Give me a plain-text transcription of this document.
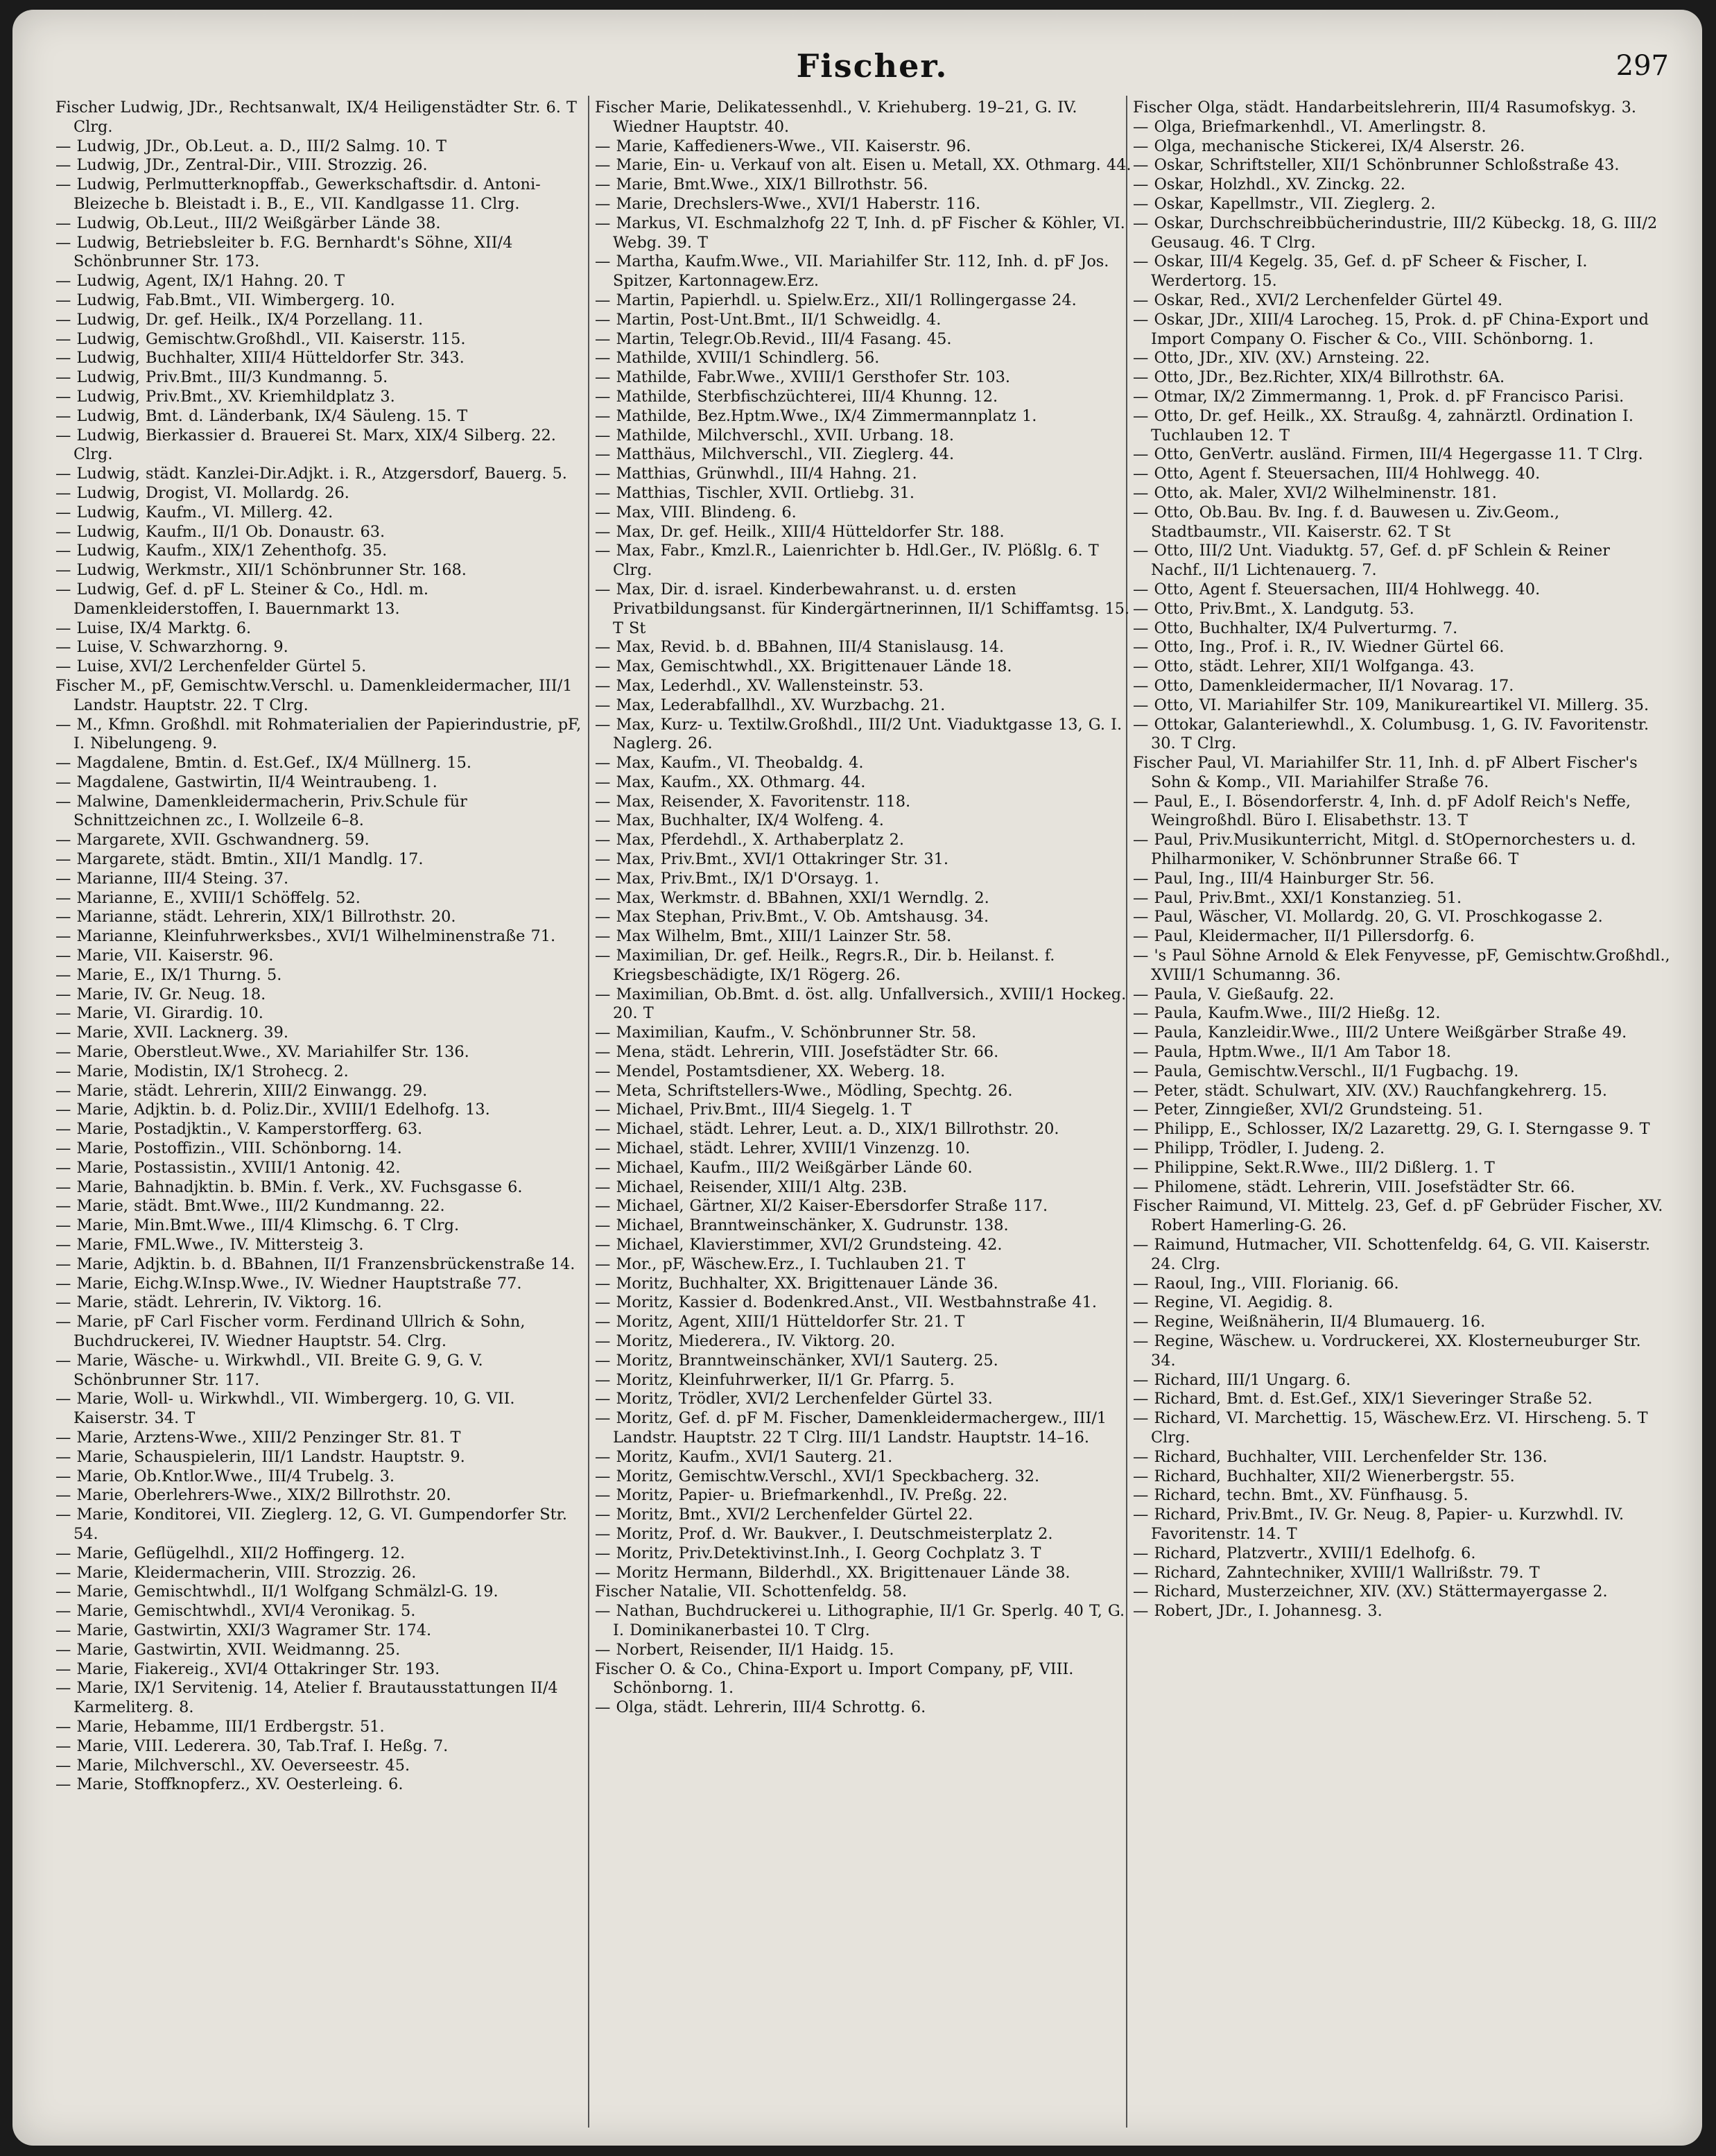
Fischer.	297
Fischer Ludwig, JDr., Rechtsanwalt, IX/4 Heiligenstädter Str. 6. T Clrg.
— Ludwig, JDr., Ob.Leut. a. D., III/2 Salmg. 10. T
— Ludwig, JDr., Zentral-Dir., VIII. Strozzig. 26.
— Ludwig, Perlmutterknopffab., Gewerkschaftsdir. d. Antoni-Bleizeche b. Bleistadt i. B., E., VII. Kandlgasse 11. Clrg.
— Ludwig, Ob.Leut., III/2 Weißgärber Lände 38.
— Ludwig, Betriebsleiter b. F.G. Bernhardt's Söhne, XII/4 Schönbrunner Str. 173.
— Ludwig, Agent, IX/1 Hahng. 20. T
— Ludwig, Fab.Bmt., VII. Wimbergerg. 10.
— Ludwig, Dr. gef. Heilk., IX/4 Porzellang. 11.
— Ludwig, Gemischtw.Großhdl., VII. Kaiserstr. 115.
— Ludwig, Buchhalter, XIII/4 Hütteldorfer Str. 343.
— Ludwig, Priv.Bmt., III/3 Kundmanng. 5.
— Ludwig, Priv.Bmt., XV. Kriemhildplatz 3.
— Ludwig, Bmt. d. Länderbank, IX/4 Säuleng. 15. T
— Ludwig, Bierkassier d. Brauerei St. Marx, XIX/4 Silberg. 22. Clrg.
— Ludwig, städt. Kanzlei-Dir.Adjkt. i. R., Atzgersdorf, Bauerg. 5.
— Ludwig, Drogist, VI. Mollardg. 26.
— Ludwig, Kaufm., VI. Millerg. 42.
— Ludwig, Kaufm., II/1 Ob. Donaustr. 63.
— Ludwig, Kaufm., XIX/1 Zehenthofg. 35.
— Ludwig, Werkmstr., XII/1 Schönbrunner Str. 168.
— Ludwig, Gef. d. pF L. Steiner & Co., Hdl. m. Damenkleiderstoffen, I. Bauernmarkt 13.
— Luise, IX/4 Marktg. 6.
— Luise, V. Schwarzhorng. 9.
— Luise, XVI/2 Lerchenfelder Gürtel 5.
Fischer M., pF, Gemischtw.Verschl. u. Damenkleidermacher, III/1 Landstr. Hauptstr. 22. T Clrg.
— M., Kfmn. Großhdl. mit Rohmaterialien der Papierindustrie, pF, I. Nibelungeng. 9.
— Magdalene, Bmtin. d. Est.Gef., IX/4 Müllnerg. 15.
— Magdalene, Gastwirtin, II/4 Weintraubeng. 1.
— Malwine, Damenkleidermacherin, Priv.Schule für Schnittzeichnen zc., I. Wollzeile 6–8.
— Margarete, XVII. Gschwandnerg. 59.
— Margarete, städt. Bmtin., XII/1 Mandlg. 17.
— Marianne, III/4 Steing. 37.
— Marianne, E., XVIII/1 Schöffelg. 52.
— Marianne, städt. Lehrerin, XIX/1 Billrothstr. 20.
— Marianne, Kleinfuhrwerksbes., XVI/1 Wilhelminenstraße 71.
— Marie, VII. Kaiserstr. 96.
— Marie, E., IX/1 Thurng. 5.
— Marie, IV. Gr. Neug. 18.
— Marie, VI. Girardig. 10.
— Marie, XVII. Lacknerg. 39.
— Marie, Oberstleut.Wwe., XV. Mariahilfer Str. 136.
— Marie, Modistin, IX/1 Strohecg. 2.
— Marie, städt. Lehrerin, XIII/2 Einwangg. 29.
— Marie, Adjktin. b. d. Poliz.Dir., XVIII/1 Edelhofg. 13.
— Marie, Postadjktin., V. Kamperstorfferg. 63.
— Marie, Postoffizin., VIII. Schönborng. 14.
— Marie, Postassistin., XVIII/1 Antonig. 42.
— Marie, Bahnadjktin. b. BMin. f. Verk., XV. Fuchsgasse 6.
— Marie, städt. Bmt.Wwe., III/2 Kundmanng. 22.
— Marie, Min.Bmt.Wwe., III/4 Klimschg. 6. T Clrg.
— Marie, FML.Wwe., IV. Mittersteig 3.
— Marie, Adjktin. b. d. BBahnen, II/1 Franzensbrückenstraße 14.
— Marie, Eichg.W.Insp.Wwe., IV. Wiedner Hauptstraße 77.
— Marie, städt. Lehrerin, IV. Viktorg. 16.
— Marie, pF Carl Fischer vorm. Ferdinand Ullrich & Sohn, Buchdruckerei, IV. Wiedner Hauptstr. 54. Clrg.
— Marie, Wäsche- u. Wirkwhdl., VII. Breite G. 9, G. V. Schönbrunner Str. 117.
— Marie, Woll- u. Wirkwhdl., VII. Wimbergerg. 10, G. VII. Kaiserstr. 34. T
— Marie, Arztens-Wwe., XIII/2 Penzinger Str. 81. T
— Marie, Schauspielerin, III/1 Landstr. Hauptstr. 9.
— Marie, Ob.Kntlor.Wwe., III/4 Trubelg. 3.
— Marie, Oberlehrers-Wwe., XIX/2 Billrothstr. 20.
— Marie, Konditorei, VII. Zieglerg. 12, G. VI. Gumpendorfer Str. 54.
— Marie, Geflügelhdl., XII/2 Hoffingerg. 12.
— Marie, Kleidermacherin, VIII. Strozzig. 26.
— Marie, Gemischtwhdl., II/1 Wolfgang Schmälzl-G. 19.
— Marie, Gemischtwhdl., XVI/4 Veronikag. 5.
— Marie, Gastwirtin, XXI/3 Wagramer Str. 174.
— Marie, Gastwirtin, XVII. Weidmanng. 25.
— Marie, Fiakereig., XVI/4 Ottakringer Str. 193.
— Marie, IX/1 Servitenig. 14, Atelier f. Brautausstattungen II/4 Karmeliterg. 8.
— Marie, Hebamme, III/1 Erdbergstr. 51.
— Marie, VIII. Lederera. 30, Tab.Traf. I. Heßg. 7.
— Marie, Milchverschl., XV. Oeverseestr. 45.
— Marie, Stoffknopferz., XV. Oesterleing. 6.
Fischer Marie, Delikatessenhdl., V. Kriehuberg. 19–21, G. IV. Wiedner Hauptstr. 40.
— Marie, Kaffedieners-Wwe., VII. Kaiserstr. 96.
— Marie, Ein- u. Verkauf von alt. Eisen u. Metall, XX. Othmarg. 44.
— Marie, Bmt.Wwe., XIX/1 Billrothstr. 56.
— Marie, Drechslers-Wwe., XVI/1 Haberstr. 116.
— Markus, VI. Eschmalzhofg 22 T, Inh. d. pF Fischer & Köhler, VI. Webg. 39. T
— Martha, Kaufm.Wwe., VII. Mariahilfer Str. 112, Inh. d. pF Jos. Spitzer, Kartonnagew.Erz.
— Martin, Papierhdl. u. Spielw.Erz., XII/1 Rollingergasse 24.
— Martin, Post-Unt.Bmt., II/1 Schweidlg. 4.
— Martin, Telegr.Ob.Revid., III/4 Fasang. 45.
— Mathilde, XVIII/1 Schindlerg. 56.
— Mathilde, Fabr.Wwe., XVIII/1 Gersthofer Str. 103.
— Mathilde, Sterbfischzüchterei, III/4 Khunng. 12.
— Mathilde, Bez.Hptm.Wwe., IX/4 Zimmermannplatz 1.
— Mathilde, Milchverschl., XVII. Urbang. 18.
— Matthäus, Milchverschl., VII. Zieglerg. 44.
— Matthias, Grünwhdl., III/4 Hahng. 21.
— Matthias, Tischler, XVII. Ortliebg. 31.
— Max, VIII. Blindeng. 6.
— Max, Dr. gef. Heilk., XIII/4 Hütteldorfer Str. 188.
— Max, Fabr., Kmzl.R., Laienrichter b. Hdl.Ger., IV. Plößlg. 6. T Clrg.
— Max, Dir. d. israel. Kinderbewahranst. u. d. ersten Privatbildungsanst. für Kindergärtnerinnen, II/1 Schiffamtsg. 15. T St
— Max, Revid. b. d. BBahnen, III/4 Stanislausg. 14.
— Max, Gemischtwhdl., XX. Brigittenauer Lände 18.
— Max, Lederhdl., XV. Wallensteinstr. 53.
— Max, Lederabfallhdl., XV. Wurzbachg. 21.
— Max, Kurz- u. Textilw.Großhdl., III/2 Unt. Viaduktgasse 13, G. I. Naglerg. 26.
— Max, Kaufm., VI. Theobaldg. 4.
— Max, Kaufm., XX. Othmarg. 44.
— Max, Reisender, X. Favoritenstr. 118.
— Max, Buchhalter, IX/4 Wolfeng. 4.
— Max, Pferdehdl., X. Arthaberplatz 2.
— Max, Priv.Bmt., XVI/1 Ottakringer Str. 31.
— Max, Priv.Bmt., IX/1 D'Orsayg. 1.
— Max, Werkmstr. d. BBahnen, XXI/1 Werndlg. 2.
— Max Stephan, Priv.Bmt., V. Ob. Amtshausg. 34.
— Max Wilhelm, Bmt., XIII/1 Lainzer Str. 58.
— Maximilian, Dr. gef. Heilk., Regrs.R., Dir. b. Heilanst. f. Kriegsbeschädigte, IX/1 Rögerg. 26.
— Maximilian, Ob.Bmt. d. öst. allg. Unfallversich., XVIII/1 Hockeg. 20. T
— Maximilian, Kaufm., V. Schönbrunner Str. 58.
— Mena, städt. Lehrerin, VIII. Josefstädter Str. 66.
— Mendel, Postamtsdiener, XX. Weberg. 18.
— Meta, Schriftstellers-Wwe., Mödling, Spechtg. 26.
— Michael, Priv.Bmt., III/4 Siegelg. 1. T
— Michael, städt. Lehrer, Leut. a. D., XIX/1 Billrothstr. 20.
— Michael, städt. Lehrer, XVIII/1 Vinzenzg. 10.
— Michael, Kaufm., III/2 Weißgärber Lände 60.
— Michael, Reisender, XIII/1 Altg. 23B.
— Michael, Gärtner, XI/2 Kaiser-Ebersdorfer Straße 117.
— Michael, Branntweinschänker, X. Gudrunstr. 138.
— Michael, Klavierstimmer, XVI/2 Grundsteing. 42.
— Mor., pF, Wäschew.Erz., I. Tuchlauben 21. T
— Moritz, Buchhalter, XX. Brigittenauer Lände 36.
— Moritz, Kassier d. Bodenkred.Anst., VII. Westbahnstraße 41.
— Moritz, Agent, XIII/1 Hütteldorfer Str. 21. T
— Moritz, Miederera., IV. Viktorg. 20.
— Moritz, Branntweinschänker, XVI/1 Sauterg. 25.
— Moritz, Kleinfuhrwerker, II/1 Gr. Pfarrg. 5.
— Moritz, Trödler, XVI/2 Lerchenfelder Gürtel 33.
— Moritz, Gef. d. pF M. Fischer, Damenkleidermachergew., III/1 Landstr. Hauptstr. 22 T Clrg. III/1 Landstr. Hauptstr. 14–16.
— Moritz, Kaufm., XVI/1 Sauterg. 21.
— Moritz, Gemischtw.Verschl., XVI/1 Speckbacherg. 32.
— Moritz, Papier- u. Briefmarkenhdl., IV. Preßg. 22.
— Moritz, Bmt., XVI/2 Lerchenfelder Gürtel 22.
— Moritz, Prof. d. Wr. Baukver., I. Deutschmeisterplatz 2.
— Moritz, Priv.Detektivinst.Inh., I. Georg Cochplatz 3. T
— Moritz Hermann, Bilderhdl., XX. Brigittenauer Lände 38.
Fischer Natalie, VII. Schottenfeldg. 58.
— Nathan, Buchdruckerei u. Lithographie, II/1 Gr. Sperlg. 40 T, G. I. Dominikanerbastei 10. T Clrg.
— Norbert, Reisender, II/1 Haidg. 15.
Fischer O. & Co., China-Export u. Import Company, pF, VIII. Schönborng. 1.
— Olga, städt. Lehrerin, III/4 Schrottg. 6.
Fischer Olga, städt. Handarbeitslehrerin, III/4 Rasumofskyg. 3.
— Olga, Briefmarkenhdl., VI. Amerlingstr. 8.
— Olga, mechanische Stickerei, IX/4 Alserstr. 26.
— Oskar, Schriftsteller, XII/1 Schönbrunner Schloßstraße 43.
— Oskar, Holzhdl., XV. Zinckg. 22.
— Oskar, Kapellmstr., VII. Zieglerg. 2.
— Oskar, Durchschreibbücherindustrie, III/2 Kübeckg. 18, G. III/2 Geusaug. 46. T Clrg.
— Oskar, III/4 Kegelg. 35, Gef. d. pF Scheer & Fischer, I. Werdertorg. 15.
— Oskar, Red., XVI/2 Lerchenfelder Gürtel 49.
— Oskar, JDr., XIII/4 Larocheg. 15, Prok. d. pF China-Export und Import Company O. Fischer & Co., VIII. Schönborng. 1.
— Otto, JDr., XIV. (XV.) Arnsteing. 22.
— Otto, JDr., Bez.Richter, XIX/4 Billrothstr. 6A.
— Otmar, IX/2 Zimmermanng. 1, Prok. d. pF Francisco Parisi.
— Otto, Dr. gef. Heilk., XX. Straußg. 4, zahnärztl. Ordination I. Tuchlauben 12. T
— Otto, GenVertr. ausländ. Firmen, III/4 Hegergasse 11. T Clrg.
— Otto, Agent f. Steuersachen, III/4 Hohlwegg. 40.
— Otto, ak. Maler, XVI/2 Wilhelminenstr. 181.
— Otto, Ob.Bau. Bv. Ing. f. d. Bauwesen u. Ziv.Geom., Stadtbaumstr., VII. Kaiserstr. 62. T St
— Otto, III/2 Unt. Viaduktg. 57, Gef. d. pF Schlein & Reiner Nachf., II/1 Lichtenauerg. 7.
— Otto, Agent f. Steuersachen, III/4 Hohlwegg. 40.
— Otto, Priv.Bmt., X. Landgutg. 53.
— Otto, Buchhalter, IX/4 Pulverturmg. 7.
— Otto, Ing., Prof. i. R., IV. Wiedner Gürtel 66.
— Otto, städt. Lehrer, XII/1 Wolfganga. 43.
— Otto, Damenkleidermacher, II/1 Novarag. 17.
— Otto, VI. Mariahilfer Str. 109, Manikureartikel VI. Millerg. 35.
— Ottokar, Galanteriewhdl., X. Columbusg. 1, G. IV. Favoritenstr. 30. T Clrg.
Fischer Paul, VI. Mariahilfer Str. 11, Inh. d. pF Albert Fischer's Sohn & Komp., VII. Mariahilfer Straße 76.
— Paul, E., I. Bösendorferstr. 4, Inh. d. pF Adolf Reich's Neffe, Weingroßhdl. Büro I. Elisabethstr. 13. T
— Paul, Priv.Musikunterricht, Mitgl. d. StOpernorchesters u. d. Philharmoniker, V. Schönbrunner Straße 66. T
— Paul, Ing., III/4 Hainburger Str. 56.
— Paul, Priv.Bmt., XXI/1 Konstanzieg. 51.
— Paul, Wäscher, VI. Mollardg. 20, G. VI. Proschkogasse 2.
— Paul, Kleidermacher, II/1 Pillersdorfg. 6.
— 's Paul Söhne Arnold & Elek Fenyvesse, pF, Gemischtw.Großhdl., XVIII/1 Schumanng. 36.
— Paula, V. Gießaufg. 22.
— Paula, Kaufm.Wwe., III/2 Hießg. 12.
— Paula, Kanzleidir.Wwe., III/2 Untere Weißgärber Straße 49.
— Paula, Hptm.Wwe., II/1 Am Tabor 18.
— Paula, Gemischtw.Verschl., II/1 Fugbachg. 19.
— Peter, städt. Schulwart, XIV. (XV.) Rauchfangkehrerg. 15.
— Peter, Zinngießer, XVI/2 Grundsteing. 51.
— Philipp, E., Schlosser, IX/2 Lazarettg. 29, G. I. Sterngasse 9. T
— Philipp, Trödler, I. Judeng. 2.
— Philippine, Sekt.R.Wwe., III/2 Dißlerg. 1. T
— Philomene, städt. Lehrerin, VIII. Josefstädter Str. 66.
Fischer Raimund, VI. Mittelg. 23, Gef. d. pF Gebrüder Fischer, XV. Robert Hamerling-G. 26.
— Raimund, Hutmacher, VII. Schottenfeldg. 64, G. VII. Kaiserstr. 24. Clrg.
— Raoul, Ing., VIII. Florianig. 66.
— Regine, VI. Aegidig. 8.
— Regine, Weißnäherin, II/4 Blumauerg. 16.
— Regine, Wäschew. u. Vordruckerei, XX. Klosterneuburger Str. 34.
— Richard, III/1 Ungarg. 6.
— Richard, Bmt. d. Est.Gef., XIX/1 Sieveringer Straße 52.
— Richard, VI. Marchettig. 15, Wäschew.Erz. VI. Hirscheng. 5. T Clrg.
— Richard, Buchhalter, VIII. Lerchenfelder Str. 136.
— Richard, Buchhalter, XII/2 Wienerbergstr. 55.
— Richard, techn. Bmt., XV. Fünfhausg. 5.
— Richard, Priv.Bmt., IV. Gr. Neug. 8, Papier- u. Kurzwhdl. IV. Favoritenstr. 14. T
— Richard, Platzvertr., XVIII/1 Edelhofg. 6.
— Richard, Zahntechniker, XVIII/1 Wallrißstr. 79. T
— Richard, Musterzeichner, XIV. (XV.) Stättermayergasse 2.
— Robert, JDr., I. Johannesg. 3.
